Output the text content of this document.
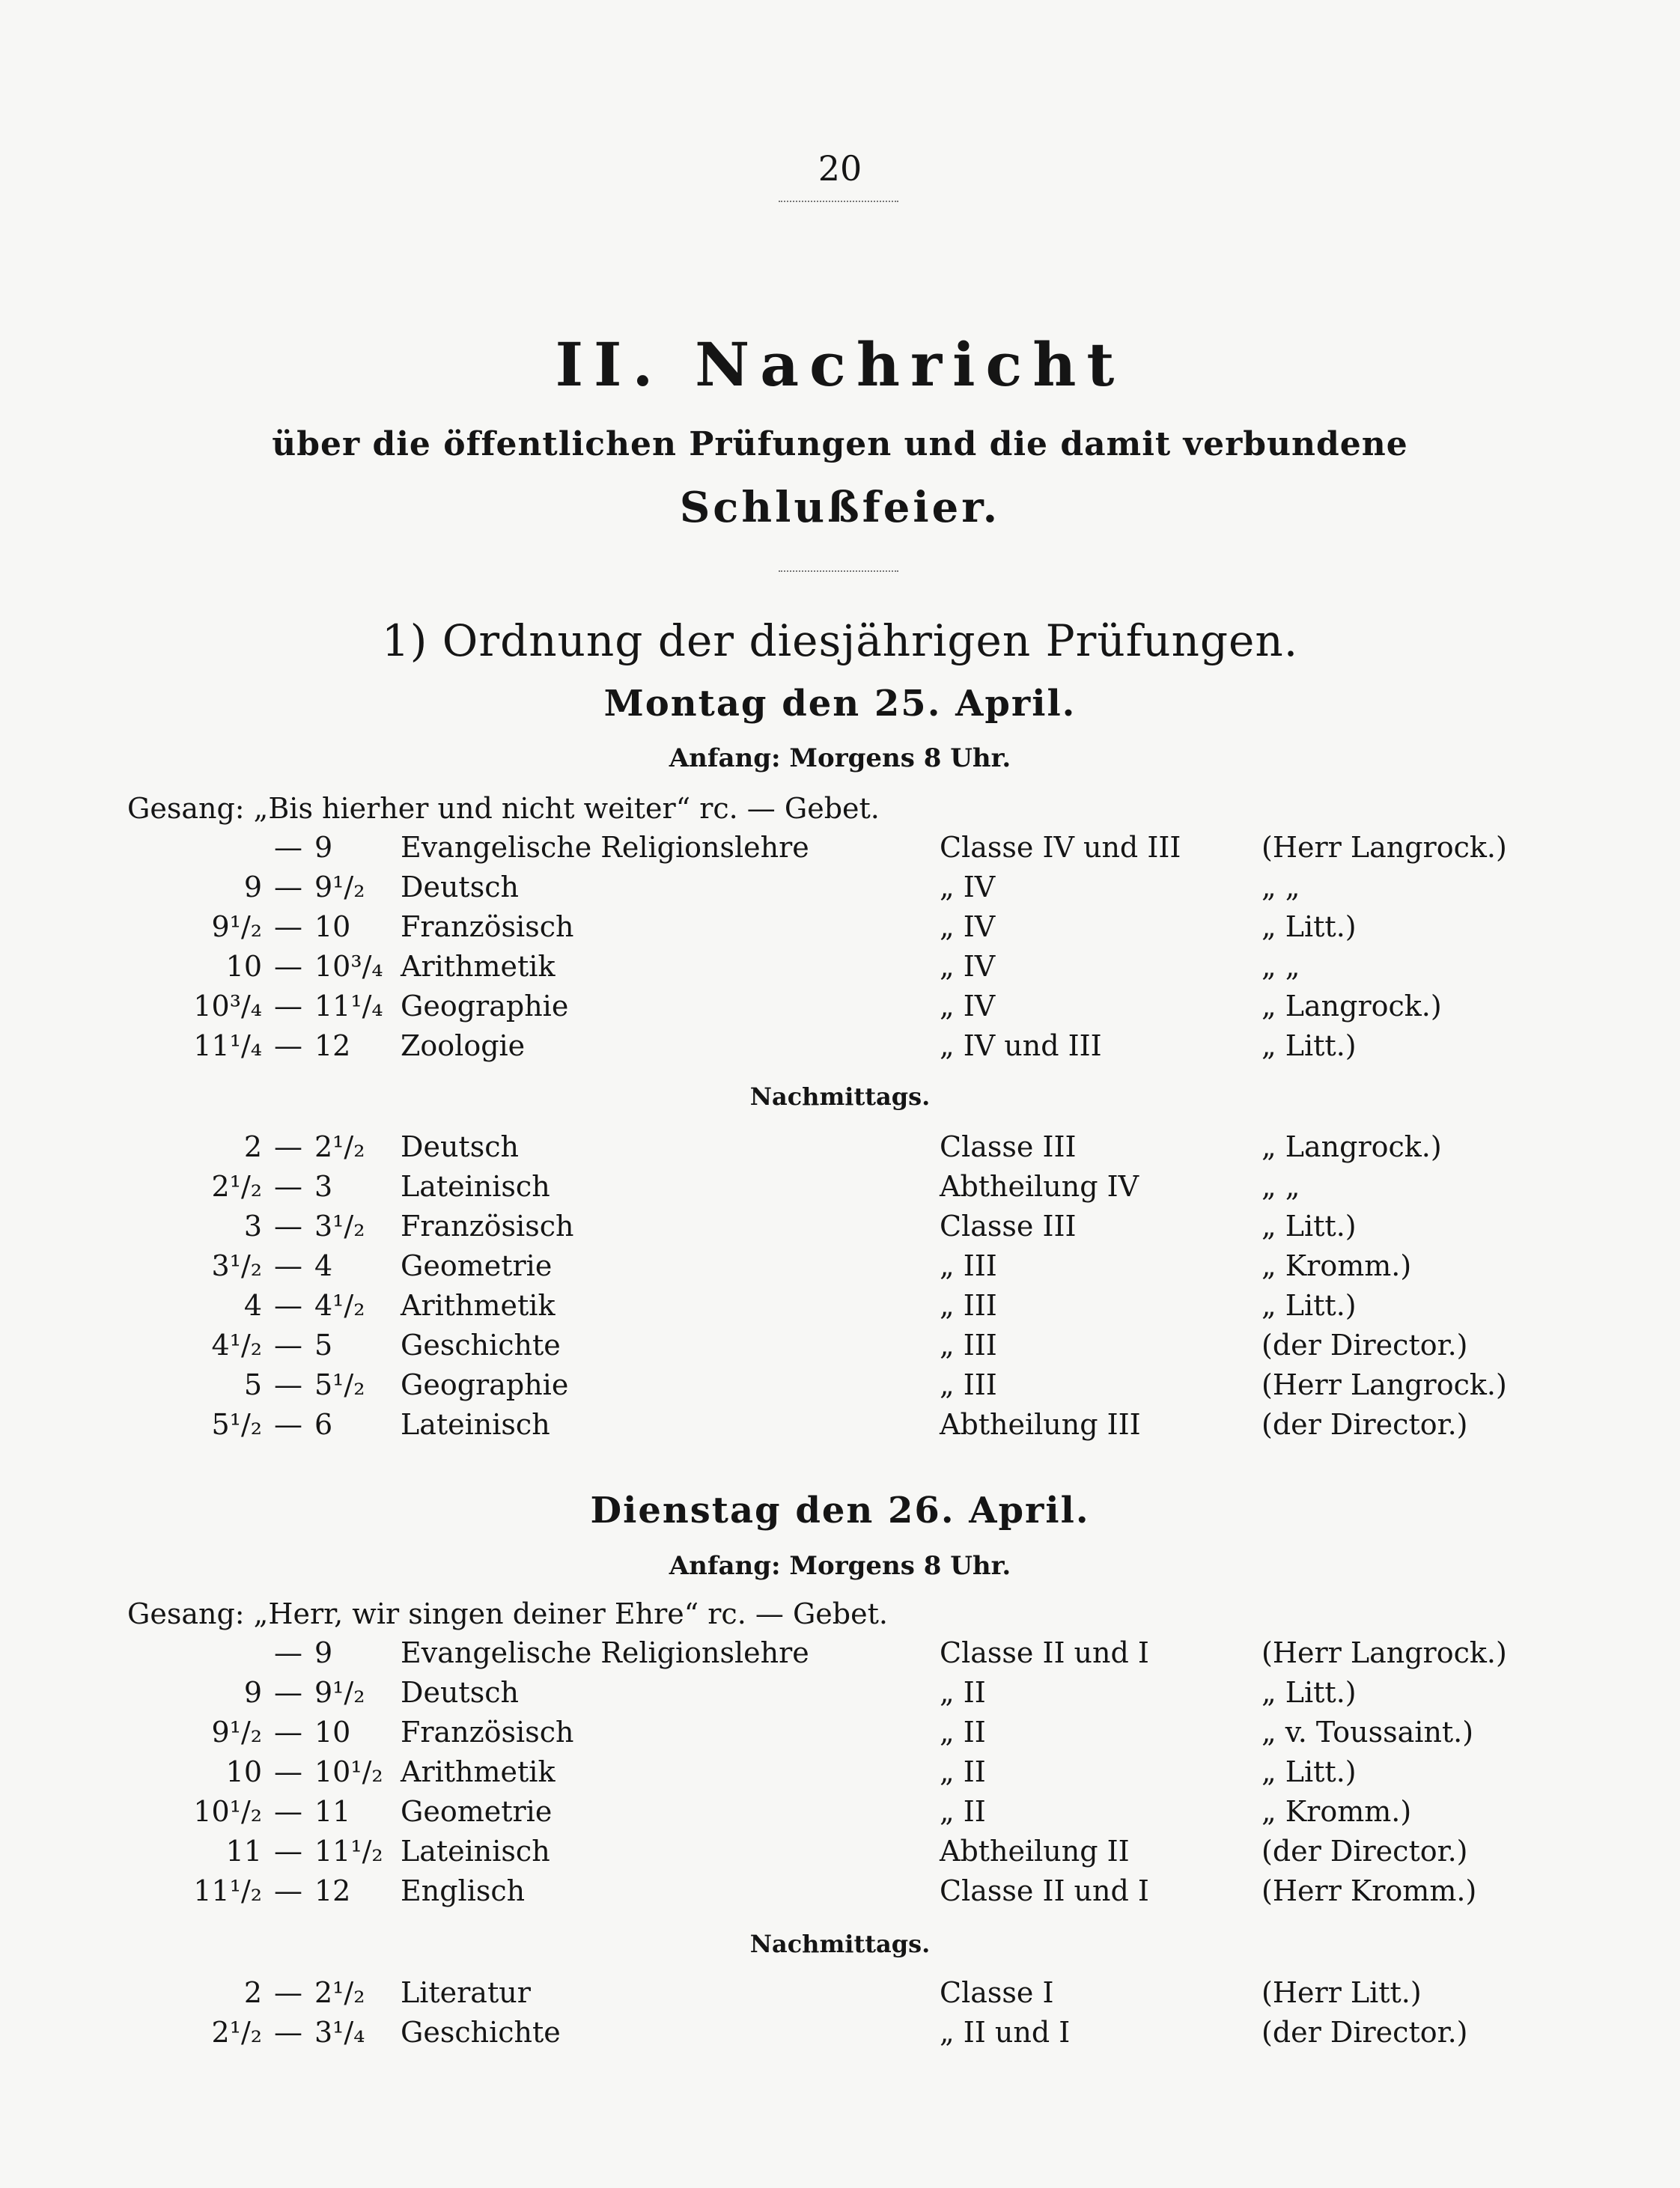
20
II. Nachricht
über die öffentlichen Prüfungen und die damit verbundene
Schlußfeier.
1) Ordnung der diesjährigen Prüfungen.
Montag den 25. April.
Anfang: Morgens 8 Uhr.
Gesang: „Bis hierher und nicht weiter“ rc. — Gebet.
— 9	Evangelische Religionslehre	Classe IV und III	(Herr Langrock.)
9 — 9¹/₂	Deutsch	„ IV	„ „
9¹/₂ — 10	Französisch	„ IV	„ Litt.)
10 — 10³/₄ Arithmetik	„ IV	„ „
10³/₄ — 11¹/₄ Geographie	„ IV	„ Langrock.)
11¹/₄ — 12	Zoologie	„ IV und III	„ Litt.)
Nachmittags.
2 — 2¹/₂	Deutsch	Classe III	„ Langrock.)
2¹/₂ — 3	Lateinisch	Abtheilung IV	„ „
3 — 3¹/₂	Französisch	Classe III	„ Litt.)
3¹/₂ — 4	Geometrie	„ III	„ Kromm.)
4 — 4¹/₂	Arithmetik	„ III	„ Litt.)
4¹/₂ — 5	Geschichte	„ III	(der Director.)
5 — 5¹/₂	Geographie	„ III	(Herr Langrock.)
5¹/₂ — 6	Lateinisch	Abtheilung III	(der Director.)
Dienstag den 26. April.
Anfang: Morgens 8 Uhr.
Gesang: „Herr, wir singen deiner Ehre“ rc. — Gebet.
— 9	Evangelische Religionslehre	Classe II und I	(Herr Langrock.)
9 — 9¹/₂	Deutsch	„ II	„ Litt.)
9¹/₂ — 10	Französisch	„ II	„ v. Toussaint.)
10 — 10¹/₂ Arithmetik	„ II	„ Litt.)
10¹/₂ — 11	Geometrie	„ II	„ Kromm.)
11 — 11¹/₂ Lateinisch	Abtheilung II	(der Director.)
11¹/₂ — 12	Englisch	Classe II und I	(Herr Kromm.)
Nachmittags.
2 — 2¹/₂	Literatur	Classe I	(Herr Litt.)
2¹/₂ — 3¹/₄	Geschichte	„ II und I	(der Director.)
